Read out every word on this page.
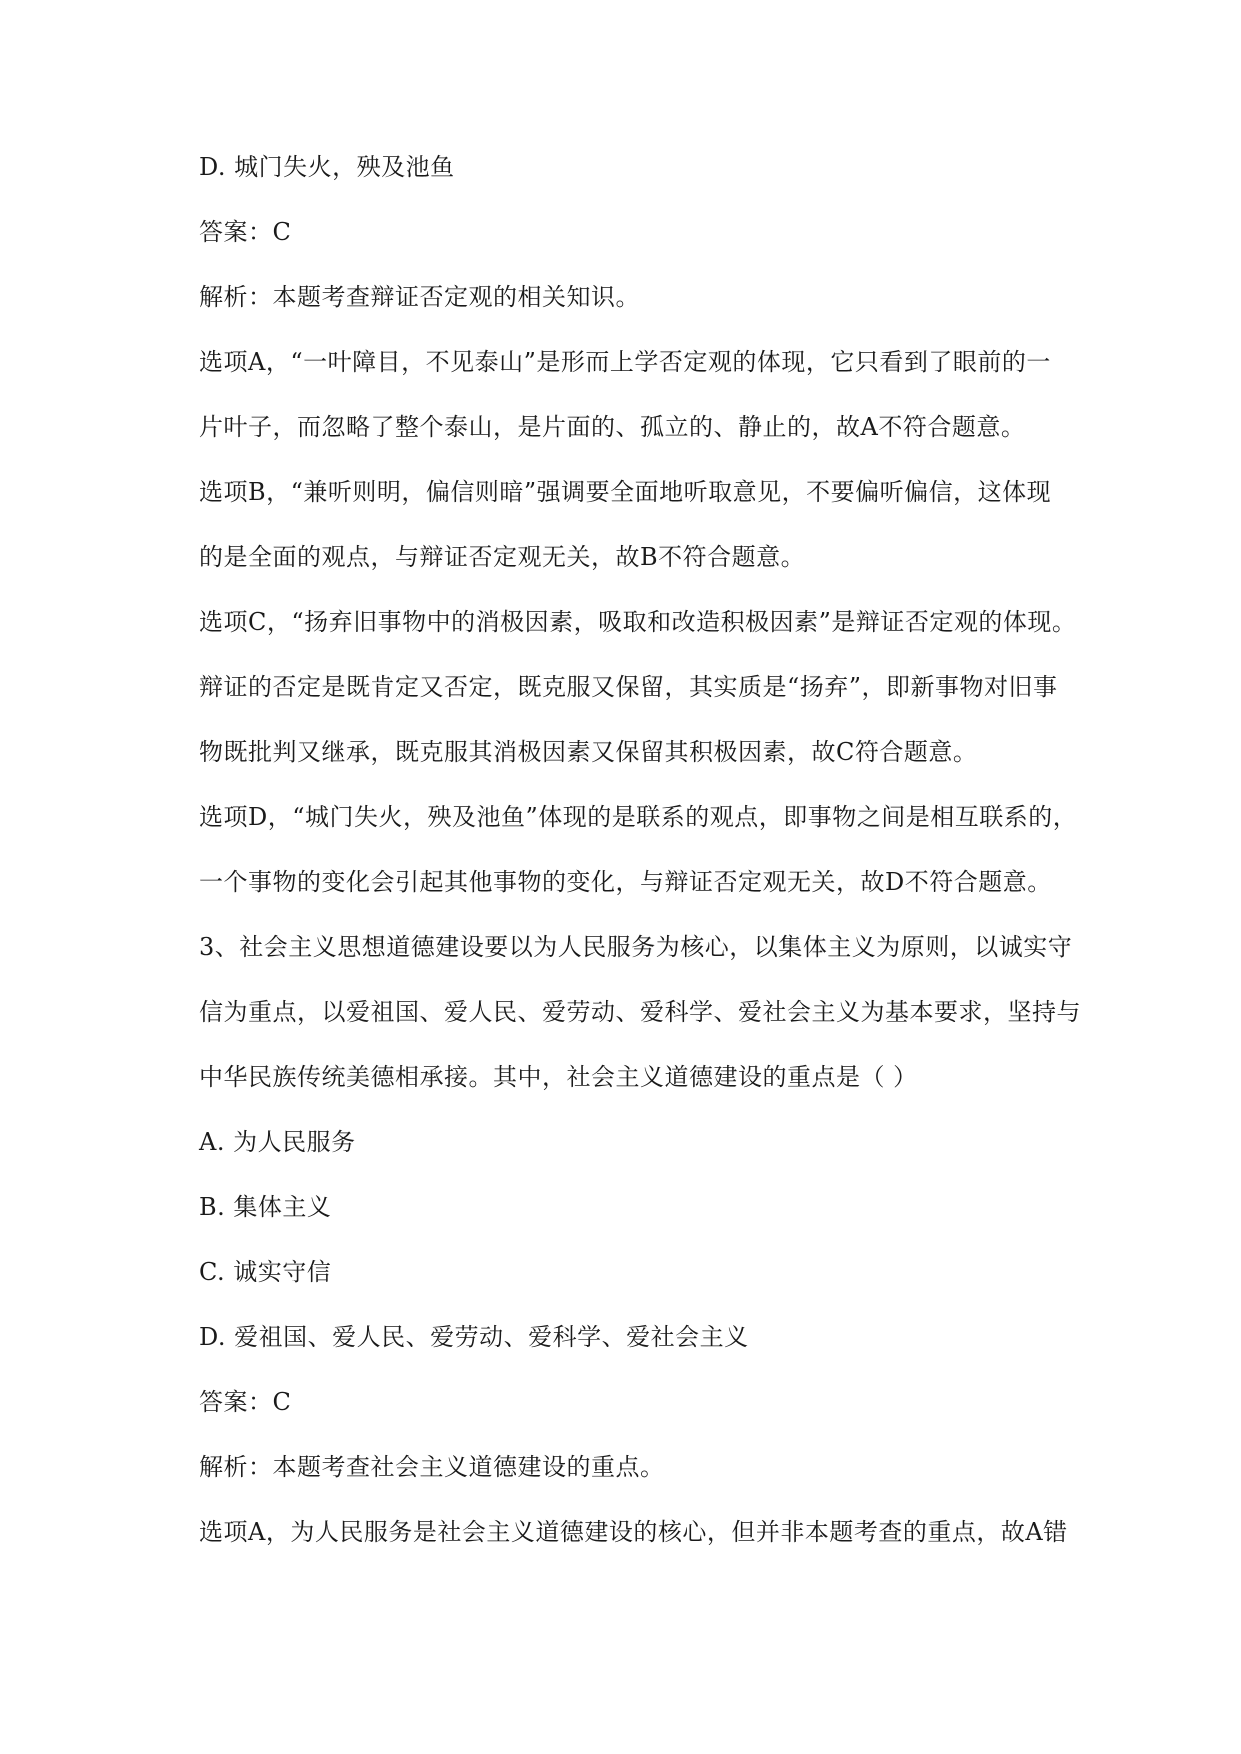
D. 城门失火，殃及池鱼
答案：C
解析：本题考查辩证否定观的相关知识。
选项A，“一叶障目，不见泰山”是形而上学否定观的体现，它只看到了眼前的一
片叶子，而忽略了整个泰山，是片面的、孤立的、静止的，故A不符合题意。
选项B，“兼听则明，偏信则暗”强调要全面地听取意见，不要偏听偏信，这体现
的是全面的观点，与辩证否定观无关，故B不符合题意。
选项C，“扬弃旧事物中的消极因素，吸取和改造积极因素”是辩证否定观的体现。
辩证的否定是既肯定又否定，既克服又保留，其实质是“扬弃”，即新事物对旧事
物既批判又继承，既克服其消极因素又保留其积极因素，故C符合题意。
选项D，“城门失火，殃及池鱼”体现的是联系的观点，即事物之间是相互联系的，
一个事物的变化会引起其他事物的变化，与辩证否定观无关，故D不符合题意。
3、社会主义思想道德建设要以为人民服务为核心，以集体主义为原则，以诚实守
信为重点，以爱祖国、爱人民、爱劳动、爱科学、爱社会主义为基本要求，坚持与
中华民族传统美德相承接。其中，社会主义道德建设的重点是（ ）
A. 为人民服务
B. 集体主义
C. 诚实守信
D. 爱祖国、爱人民、爱劳动、爱科学、爱社会主义
答案：C
解析：本题考查社会主义道德建设的重点。
选项A，为人民服务是社会主义道德建设的核心，但并非本题考查的重点，故A错
